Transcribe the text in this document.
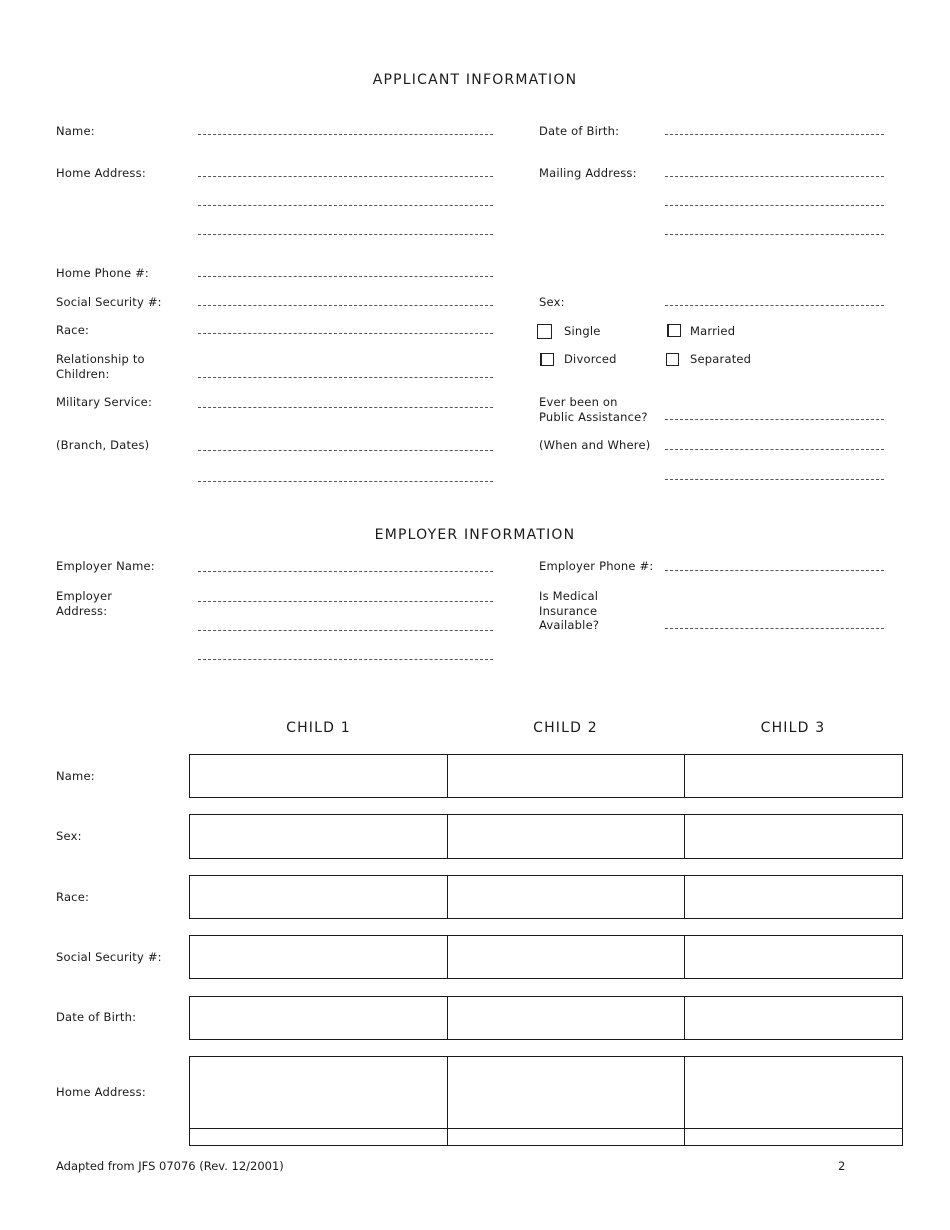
APPLICANT INFORMATION
Name:	Date of Birth:
Home Address:	Mailing Address:
Home Phone #:
Social Security #:	Sex:
Race:	Single	Married
Divorced	Separated
Relationship to Children:
Military Service:	Ever been on Public Assistance?
(Branch, Dates)	(When and Where)
EMPLOYER INFORMATION
Employer Name:	Employer Phone #:
Employer Address:
Is Medical Insurance Available?
CHILD 1	CHILD 2	CHILD 3
Name:
Sex:
Race:
Social Security #:
Date of Birth:
Home Address:
Adapted from JFS 07076 (Rev. 12/2001)	2
